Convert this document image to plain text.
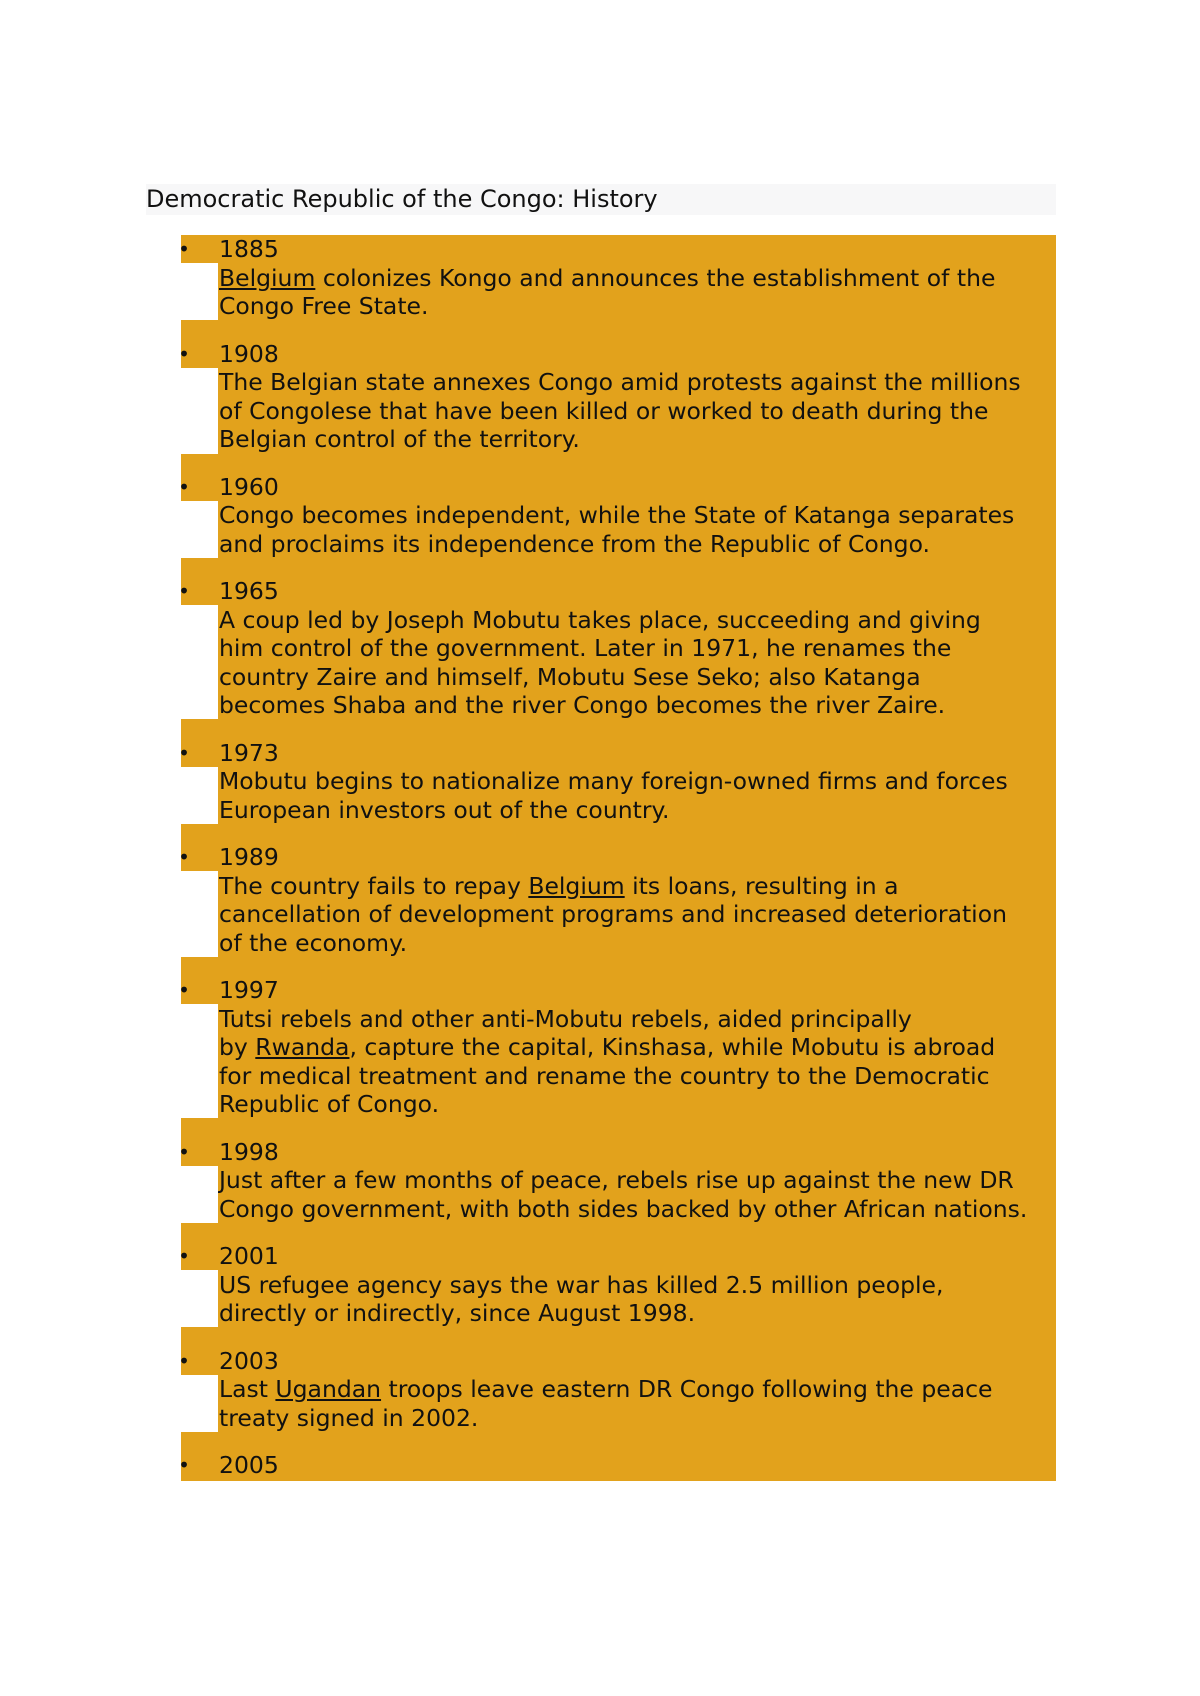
Democratic Republic of the Congo: History
•	1885
Belgium colonizes Kongo and announces the establishment of the
Congo Free State.
•	1908
The Belgian state annexes Congo amid protests against the millions
of Congolese that have been killed or worked to death during the
Belgian control of the territory.
•	1960
Congo becomes independent, while the State of Katanga separates
and proclaims its independence from the Republic of Congo.
•	1965
A coup led by Joseph Mobutu takes place, succeeding and giving
him control of the government. Later in 1971, he renames the
country Zaire and himself, Mobutu Sese Seko; also Katanga
becomes Shaba and the river Congo becomes the river Zaire.
•	1973
Mobutu begins to nationalize many foreign-owned firms and forces
European investors out of the country.
•	1989
The country fails to repay Belgium its loans, resulting in a
cancellation of development programs and increased deterioration
of the economy.
•	1997
Tutsi rebels and other anti-Mobutu rebels, aided principally
by Rwanda, capture the capital, Kinshasa, while Mobutu is abroad
for medical treatment and rename the country to the Democratic
Republic of Congo.
•	1998
Just after a few months of peace, rebels rise up against the new DR
Congo government, with both sides backed by other African nations.
•	2001
US refugee agency says the war has killed 2.5 million people,
directly or indirectly, since August 1998.
•	2003
Last Ugandan troops leave eastern DR Congo following the peace
treaty signed in 2002.
•	2005
